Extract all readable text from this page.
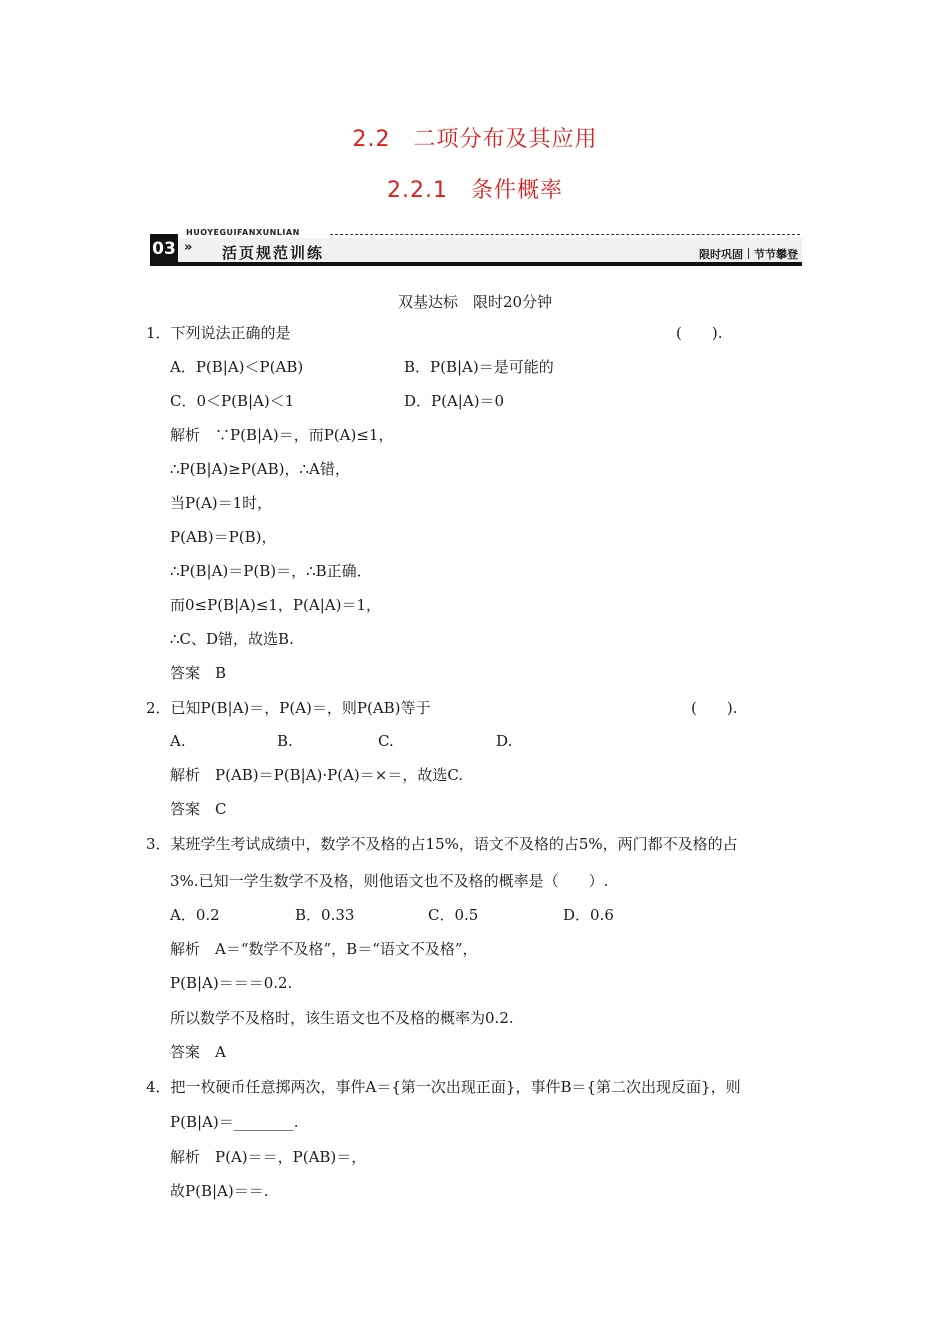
2.2　二项分布及其应用
2.2.1　条件概率
HUOYEGUIFANXUNLIAN
03 » 活页规范训练	限时巩固 节节攀登
双基达标　限时20分钟
1．下列说法正确的是
A．P(B|A)＜P(AB)	B．P(B|A)＝是可能的
C．0＜P(B|A)＜1	D．P(A|A)＝0
解析　∵P(B|A)＝，而P(A)≤1，
∴P(B|A)≥P(AB)，∴A错，
当P(A)＝1时，
P(AB)＝P(B)，
∴P(B|A)＝P(B)＝，∴B正确．
而0≤P(B|A)≤1，P(A|A)＝1，
∴C、D错，故选B.
答案　B
2．已知P(B|A)＝，P(A)＝，则P(AB)等于
A.	B.	C.	D.
解析　P(AB)＝P(B|A)·P(A)＝×＝，故选C.
答案　C
3．某班学生考试成绩中，数学不及格的占15%，语文不及格的占5%，两门都不及格的占
3%.已知一学生数学不及格，则他语文也不及格的概率是（　　）.
A．0.2	B．0.33	C．0.5	D．0.6
解析　A＝“数学不及格”，B＝“语文不及格”，
P(B|A)＝＝＝0.2.
所以数学不及格时，该生语文也不及格的概率为0.2.
答案　A
4．把一枚硬币任意掷两次，事件A＝{第一次出现正面}，事件B＝{第二次出现反面}，则
P(B|A)＝________.
解析　P(A)＝＝，P(AB)＝，
故P(B|A)＝＝.
(　　).
(　　).
